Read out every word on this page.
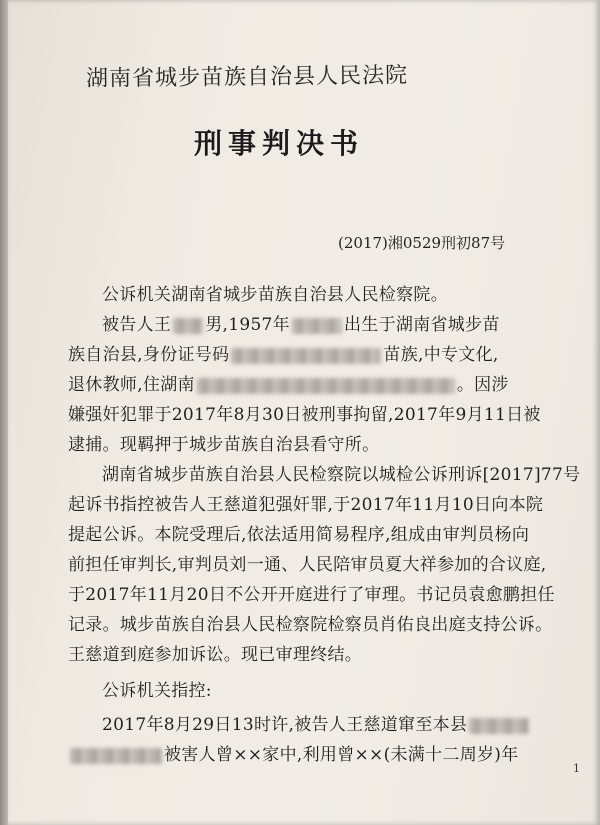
湖南省城步苗族自治县人民法院
刑事判决书
(2017)湘0529刑初87号
公诉机关湖南省城步苗族自治县人民检察院。
被告人王 男,1957年	出生于湖南省城步苗
族自治县,身份证号码	苗族,中专文化,
退休教师,住湖南	。因涉
嫌强奸犯罪于2017年8月30日被刑事拘留,2017年9月11日被
逮捕。现羁押于城步苗族自治县看守所。
湖南省城步苗族自治县人民检察院以城检公诉刑诉[2017]77号
起诉书指控被告人王慈道犯强奸罪,于2017年11月10日向本院
提起公诉。本院受理后,依法适用简易程序,组成由审判员杨向
前担任审判长,审判员刘一通、人民陪审员夏大祥参加的合议庭,
于2017年11月20日不公开开庭进行了审理。书记员袁愈鹏担任
记录。城步苗族自治县人民检察院检察员肖佑良出庭支持公诉。
王慈道到庭参加诉讼。现已审理终结。
公诉机关指控:
2017年8月29日13时许,被告人王慈道窜至本县
被害人曾××家中,利用曾××(未满十二周岁)年
1
